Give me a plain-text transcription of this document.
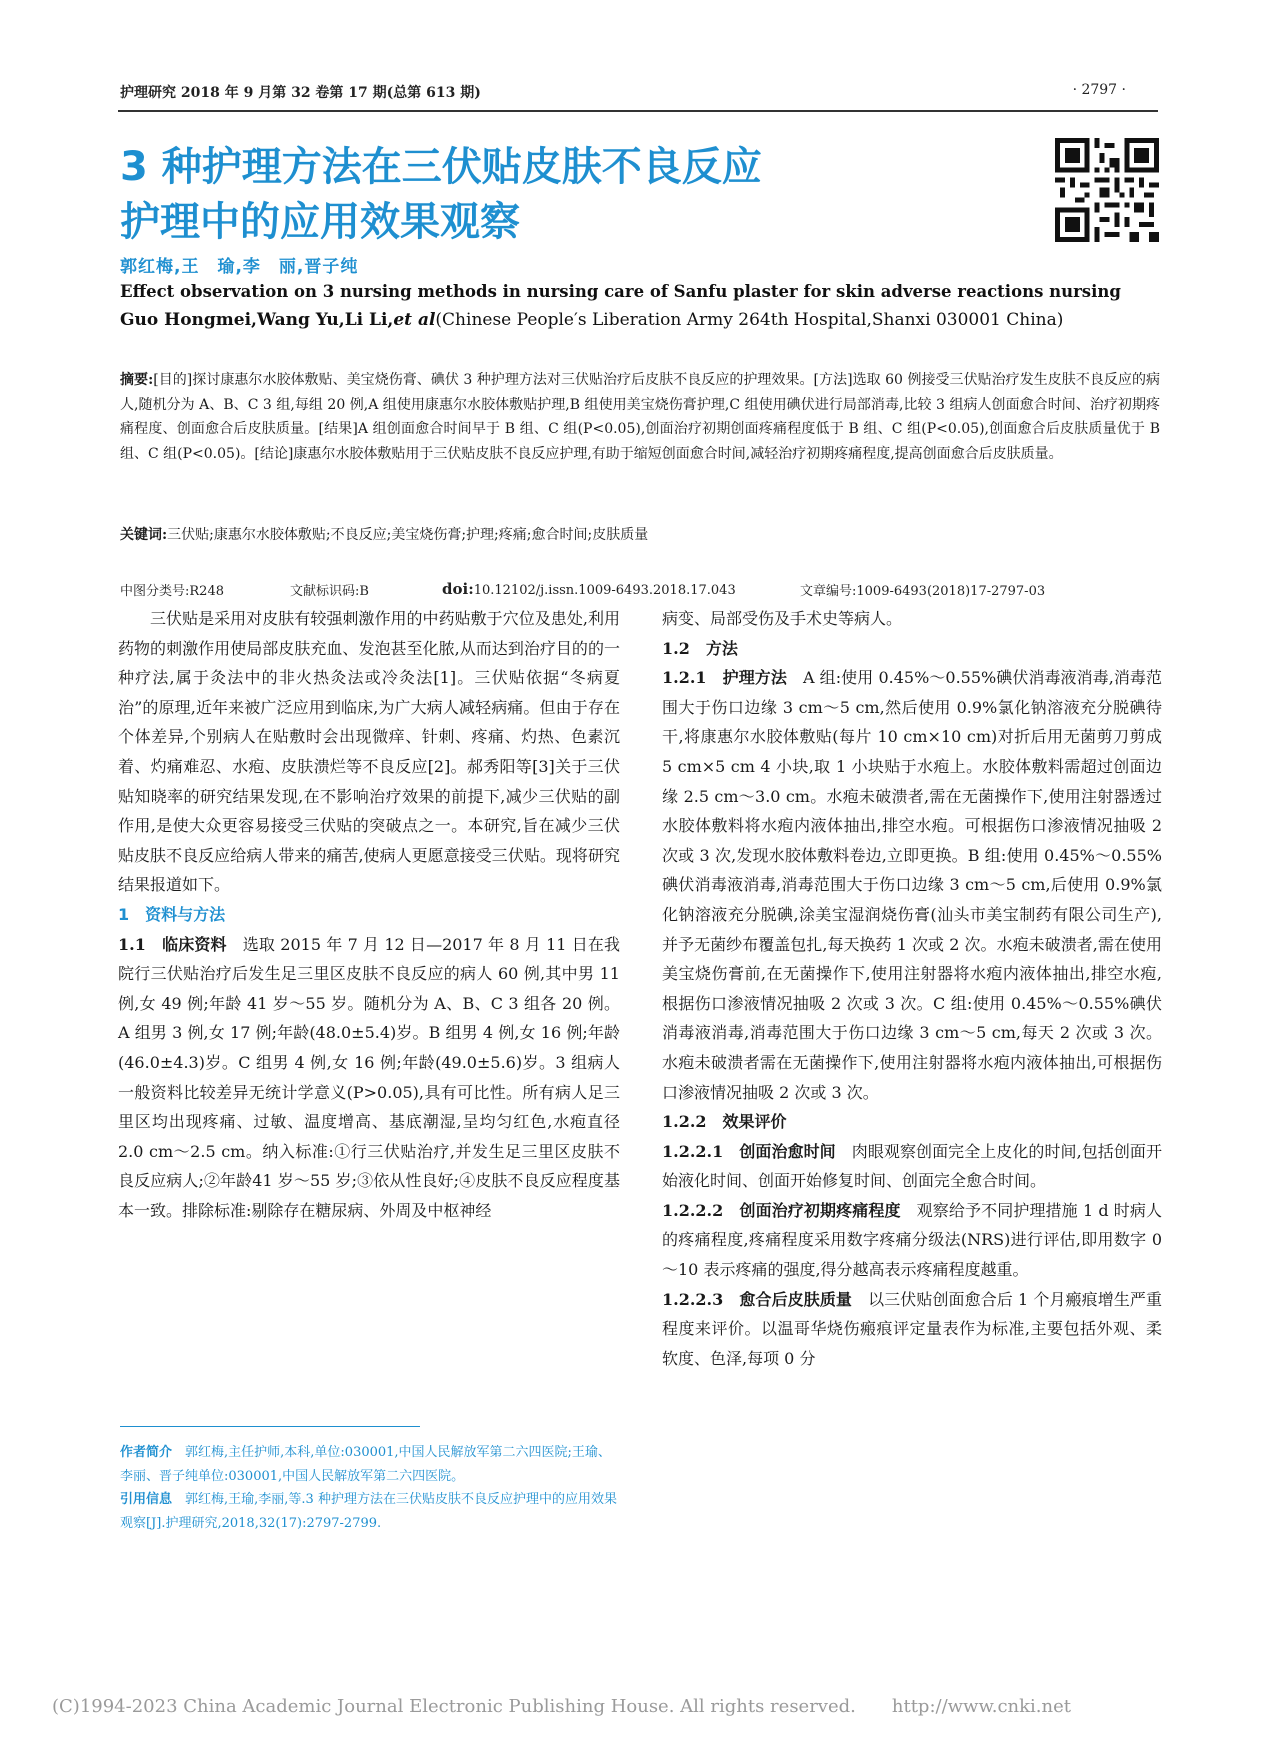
护理研究 2018 年 9 月第 32 卷第 17 期(总第 613 期)	· 2797 ·
3 种护理方法在三伏贴皮肤不良反应
护理中的应用效果观察
郭红梅,王　瑜,李　丽,晋子纯
Effect observation on 3 nursing methods in nursing care of Sanfu plaster for skin adverse reactions nursing
Guo Hongmei,Wang Yu,Li Li,et al(Chinese People′s Liberation Army 264th Hospital,Shanxi 030001 China)
摘要:[目的]探讨康惠尔水胶体敷贴、美宝烧伤膏、碘伏 3 种护理方法对三伏贴治疗后皮肤不良反应的护理效果。[方法]选取 60 例接受三伏贴治疗发生皮肤不良反应的病人,随机分为 A、B、C 3 组,每组 20 例,A 组使用康惠尔水胶体敷贴护理,B 组使用美宝烧伤膏护理,C 组使用碘伏进行局部消毒,比较 3 组病人创面愈合时间、治疗初期疼痛程度、创面愈合后皮肤质量。[结果]A 组创面愈合时间早于 B 组、C 组(P<0.05),创面治疗初期创面疼痛程度低于 B 组、C 组(P<0.05),创面愈合后皮肤质量优于 B 组、C 组(P<0.05)。[结论]康惠尔水胶体敷贴用于三伏贴皮肤不良反应护理,有助于缩短创面愈合时间,减轻治疗初期疼痛程度,提高创面愈合后皮肤质量。
关键词:三伏贴;康惠尔水胶体敷贴;不良反应;美宝烧伤膏;护理;疼痛;愈合时间;皮肤质量
中图分类号:R248	文献标识码:B	doi:10.12102/j.issn.1009-6493.2018.17.043	文章编号:1009-6493(2018)17-2797-03

三伏贴是采用对皮肤有较强刺激作用的中药贴敷于穴位及患处,利用药物的刺激作用使局部皮肤充血、发泡甚至化脓,从而达到治疗目的的一种疗法,属于灸法中的非火热灸法或冷灸法[1]。三伏贴依据“冬病夏治”的原理,近年来被广泛应用到临床,为广大病人减轻病痛。但由于存在个体差异,个别病人在贴敷时会出现微痒、针刺、疼痛、灼热、色素沉着、灼痛难忍、水疱、皮肤溃烂等不良反应[2]。郝秀阳等[3]关于三伏贴知晓率的研究结果发现,在不影响治疗效果的前提下,减少三伏贴的副作用,是使大众更容易接受三伏贴的突破点之一。本研究,旨在减少三伏贴皮肤不良反应给病人带来的痛苦,使病人更愿意接受三伏贴。现将研究结果报道如下。

1　资料与方法

1.1　临床资料　选取 2015 年 7 月 12 日—2017 年 8 月 11 日在我院行三伏贴治疗后发生足三里区皮肤不良反应的病人 60 例,其中男 11 例,女 49 例;年龄 41 岁～55 岁。随机分为 A、B、C 3 组各 20 例。A 组男 3 例,女 17 例;年龄(48.0±5.4)岁。B 组男 4 例,女 16 例;年龄(46.0±4.3)岁。C 组男 4 例,女 16 例;年龄(49.0±5.6)岁。3 组病人一般资料比较差异无统计学意义(P>0.05),具有可比性。所有病人足三里区均出现疼痛、过敏、温度增高、基底潮湿,呈均匀红色,水疱直径 2.0 cm～2.5 cm。纳入标准:①行三伏贴治疗,并发生足三里区皮肤不良反应病人;②年龄41 岁～55 岁;③依从性良好;④皮肤不良反应程度基本一致。排除标准:剔除存在糖尿病、外周及中枢神经

病变、局部受伤及手术史等病人。

1.2　方法

1.2.1　护理方法　A 组:使用 0.45%～0.55%碘伏消毒液消毒,消毒范围大于伤口边缘 3 cm～5 cm,然后使用 0.9%氯化钠溶液充分脱碘待干,将康惠尔水胶体敷贴(每片 10 cm×10 cm)对折后用无菌剪刀剪成 5 cm×5 cm 4 小块,取 1 小块贴于水疱上。水胶体敷料需超过创面边缘 2.5 cm～3.0 cm。水疱未破溃者,需在无菌操作下,使用注射器透过水胶体敷料将水疱内液体抽出,排空水疱。可根据伤口渗液情况抽吸 2 次或 3 次,发现水胶体敷料卷边,立即更换。B 组:使用 0.45%～0.55%碘伏消毒液消毒,消毒范围大于伤口边缘 3 cm～5 cm,后使用 0.9%氯化钠溶液充分脱碘,涂美宝湿润烧伤膏(汕头市美宝制药有限公司生产),并予无菌纱布覆盖包扎,每天换药 1 次或 2 次。水疱未破溃者,需在使用美宝烧伤膏前,在无菌操作下,使用注射器将水疱内液体抽出,排空水疱,根据伤口渗液情况抽吸 2 次或 3 次。C 组:使用 0.45%～0.55%碘伏消毒液消毒,消毒范围大于伤口边缘 3 cm～5 cm,每天 2 次或 3 次。水疱未破溃者需在无菌操作下,使用注射器将水疱内液体抽出,可根据伤口渗液情况抽吸 2 次或 3 次。

1.2.2　效果评价

1.2.2.1　创面治愈时间　肉眼观察创面完全上皮化的时间,包括创面开始液化时间、创面开始修复时间、创面完全愈合时间。

1.2.2.2　创面治疗初期疼痛程度　观察给予不同护理措施 1 d 时病人的疼痛程度,疼痛程度采用数字疼痛分级法(NRS)进行评估,即用数字 0～10 表示疼痛的强度,得分越高表示疼痛程度越重。

1.2.2.3　愈合后皮肤质量　以三伏贴创面愈合后 1 个月瘢痕增生严重程度来评价。以温哥华烧伤瘢痕评定量表作为标准,主要包括外观、柔软度、色泽,每项 0 分

作者简介　郭红梅,主任护师,本科,单位:030001,中国人民解放军第二六四医院;王瑜、李丽、晋子纯单位:030001,中国人民解放军第二六四医院。
引用信息　郭红梅,王瑜,李丽,等.3 种护理方法在三伏贴皮肤不良反应护理中的应用效果观察[J].护理研究,2018,32(17):2797-2799.
(C)1994-2023 China Academic Journal Electronic Publishing House. All rights reserved.　　http://www.cnki.net
